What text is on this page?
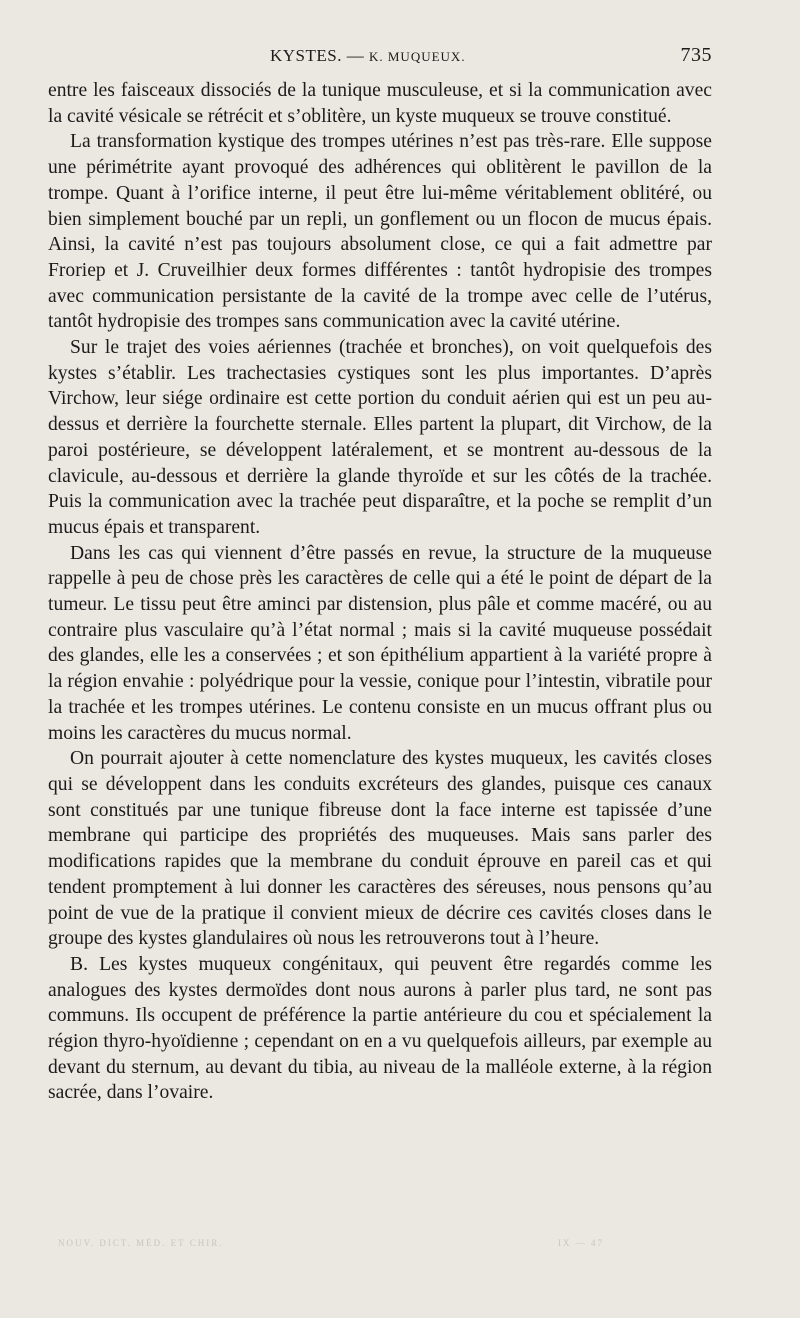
KYSTES. — K. MUQUEUX.	735

entre les faisceaux dissociés de la tunique musculeuse, et si la communication avec la cavité vésicale se rétrécit et s’oblitère, un kyste muqueux se trouve constitué.

La transformation kystique des trompes utérines n’est pas très-rare. Elle suppose une périmétrite ayant provoqué des adhérences qui oblitèrent le pavillon de la trompe. Quant à l’orifice interne, il peut être lui-même véritablement oblitéré, ou bien simplement bouché par un repli, un gonflement ou un flocon de mucus épais. Ainsi, la cavité n’est pas toujours absolument close, ce qui a fait admettre par Froriep et J. Cruveilhier deux formes différentes : tantôt hydropisie des trompes avec communication persistante de la cavité de la trompe avec celle de l’utérus, tantôt hydropisie des trompes sans communication avec la cavité utérine.

Sur le trajet des voies aériennes (trachée et bronches), on voit quelquefois des kystes s’établir. Les trachectasies cystiques sont les plus importantes. D’après Virchow, leur siége ordinaire est cette portion du conduit aérien qui est un peu au-dessus et derrière la fourchette sternale. Elles partent la plupart, dit Virchow, de la paroi postérieure, se développent latéralement, et se montrent au-dessous de la clavicule, au-dessous et derrière la glande thyroïde et sur les côtés de la trachée. Puis la communication avec la trachée peut disparaître, et la poche se remplit d’un mucus épais et transparent.

Dans les cas qui viennent d’être passés en revue, la structure de la muqueuse rappelle à peu de chose près les caractères de celle qui a été le point de départ de la tumeur. Le tissu peut être aminci par distension, plus pâle et comme macéré, ou au contraire plus vasculaire qu’à l’état normal ; mais si la cavité muqueuse possédait des glandes, elle les a conservées ; et son épithélium appartient à la variété propre à la région envahie : polyédrique pour la vessie, conique pour l’intestin, vibratile pour la trachée et les trompes utérines. Le contenu consiste en un mucus offrant plus ou moins les caractères du mucus normal.

On pourrait ajouter à cette nomenclature des kystes muqueux, les cavités closes qui se développent dans les conduits excréteurs des glandes, puisque ces canaux sont constitués par une tunique fibreuse dont la face interne est tapissée d’une membrane qui participe des propriétés des muqueuses. Mais sans parler des modifications rapides que la membrane du conduit éprouve en pareil cas et qui tendent promptement à lui donner les caractères des séreuses, nous pensons qu’au point de vue de la pratique il convient mieux de décrire ces cavités closes dans le groupe des kystes glandulaires où nous les retrouverons tout à l’heure.

B. Les kystes muqueux congénitaux, qui peuvent être regardés comme les analogues des kystes dermoïdes dont nous aurons à parler plus tard, ne sont pas communs. Ils occupent de préférence la partie antérieure du cou et spécialement la région thyro-hyoïdienne ; cependant on en a vu quelquefois ailleurs, par exemple au devant du sternum, au devant du tibia, au niveau de la malléole externe, à la région sacrée, dans l’ovaire.

NOUV. DICT. MÉD. ET CHIR.	IX — 47
